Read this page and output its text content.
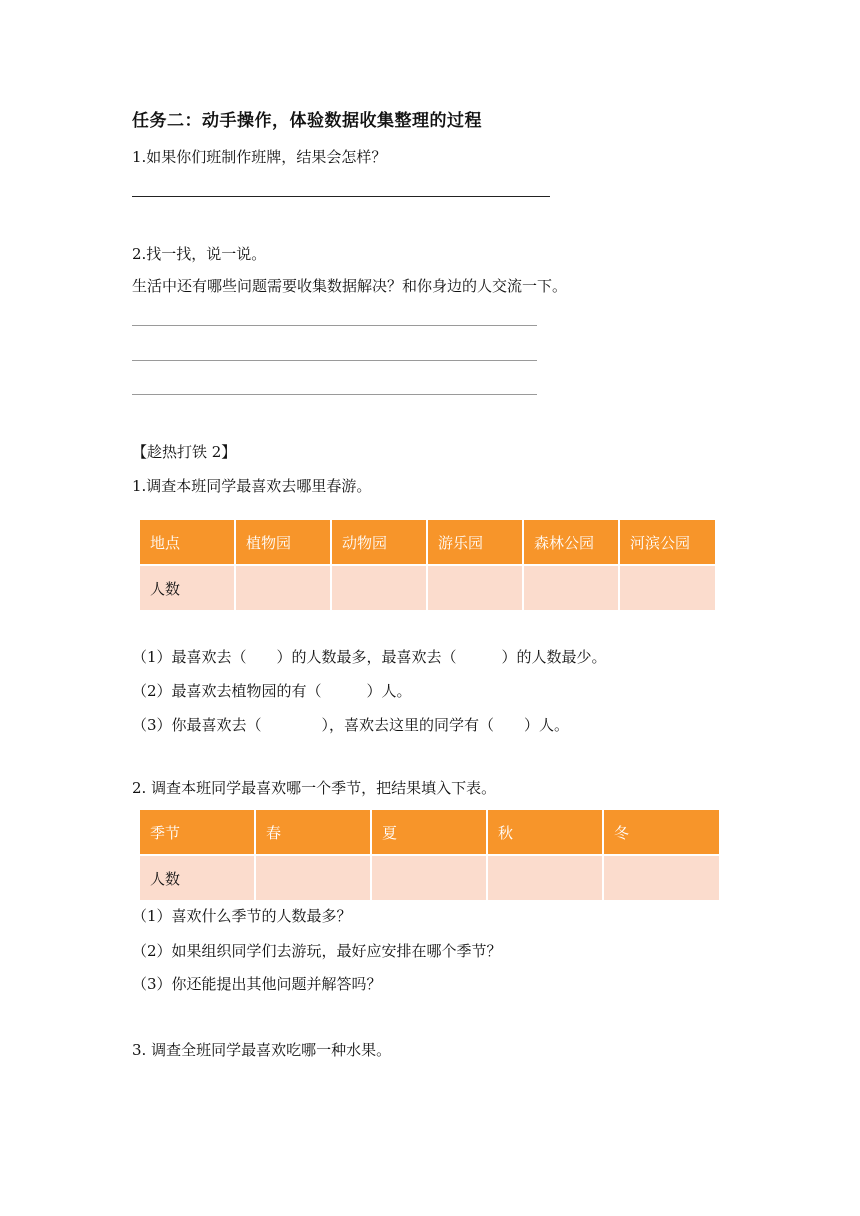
任务二：动手操作，体验数据收集整理的过程
1.如果你们班制作班牌，结果会怎样？
2.找一找，说一说。
生活中还有哪些问题需要收集数据解决？和你身边的人交流一下。
【趁热打铁 2】
1.调查本班同学最喜欢去哪里春游。
地点	植物园	动物园	游乐园	森林公园	河滨公园
人数					
（1）最喜欢去（　　）的人数最多，最喜欢去（　　　）的人数最少。
（2）最喜欢去植物园的有（　　　）人。
（3）你最喜欢去（　　　　），喜欢去这里的同学有（　　）人。
2. 调查本班同学最喜欢哪一个季节，把结果填入下表。
季节	春	夏	秋	冬
人数				
（1）喜欢什么季节的人数最多？
（2）如果组织同学们去游玩，最好应安排在哪个季节？
（3）你还能提出其他问题并解答吗？
3. 调查全班同学最喜欢吃哪一种水果。
